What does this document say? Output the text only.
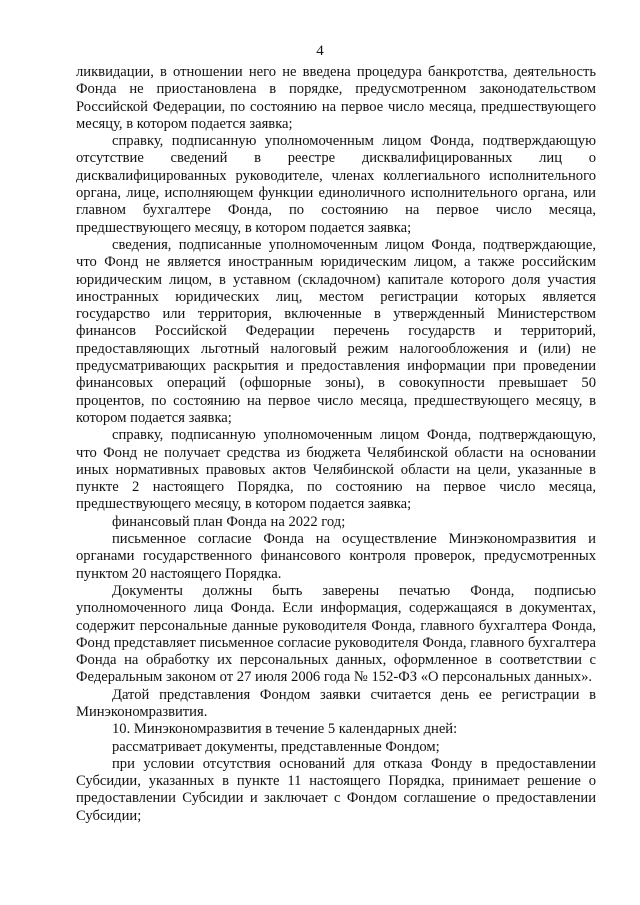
4

ликвидации, в отношении него не введена процедура банкротства, деятельность Фонда не приостановлена в порядке, предусмотренном законодательством Российской Федерации, по состоянию на первое число месяца, предшествующего месяцу, в котором подается заявка;

справку, подписанную уполномоченным лицом Фонда, подтверждающую отсутствие сведений в реестре дисквалифицированных лиц о дисквалифицированных руководителе, членах коллегиального исполнительного органа, лице, исполняющем функции единоличного исполнительного органа, или главном бухгалтере Фонда, по состоянию на первое число месяца, предшествующего месяцу, в котором подается заявка;

сведения, подписанные уполномоченным лицом Фонда, подтверждающие, что Фонд не является иностранным юридическим лицом, а также российским юридическим лицом, в уставном (складочном) капитале которого доля участия иностранных юридических лиц, местом регистрации которых является государство или территория, включенные в утвержденный Министерством финансов Российской Федерации перечень государств и территорий, предоставляющих льготный налоговый режим налогообложения и (или) не предусматривающих раскрытия и предоставления информации при проведении финансовых операций (офшорные зоны), в совокупности превышает 50 процентов, по состоянию на первое число месяца, предшествующего месяцу, в котором подается заявка;

справку, подписанную уполномоченным лицом Фонда, подтверждающую, что Фонд не получает средства из бюджета Челябинской области на основании иных нормативных правовых актов Челябинской области на цели, указанные в пункте 2 настоящего Порядка, по состоянию на первое число месяца, предшествующего месяцу, в котором подается заявка;

финансовый план Фонда на 2022 год;

письменное согласие Фонда на осуществление Минэкономразвития и органами государственного финансового контроля проверок, предусмотренных пунктом 20 настоящего Порядка.

Документы должны быть заверены печатью Фонда, подписью уполномоченного лица Фонда. Если информация, содержащаяся в документах, содержит персональные данные руководителя Фонда, главного бухгалтера Фонда, Фонд представляет письменное согласие руководителя Фонда, главного бухгалтера Фонда на обработку их персональных данных, оформленное в соответствии с Федеральным законом от 27 июля 2006 года № 152-ФЗ «О персональных данных».

Датой представления Фондом заявки считается день ее регистрации в Минэкономразвития.

10. Минэкономразвития в течение 5 календарных дней:

рассматривает документы, представленные Фондом;

при условии отсутствия оснований для отказа Фонду в предоставлении Субсидии, указанных в пункте 11 настоящего Порядка, принимает решение о предоставлении Субсидии и заключает с Фондом соглашение о предоставлении Субсидии;
